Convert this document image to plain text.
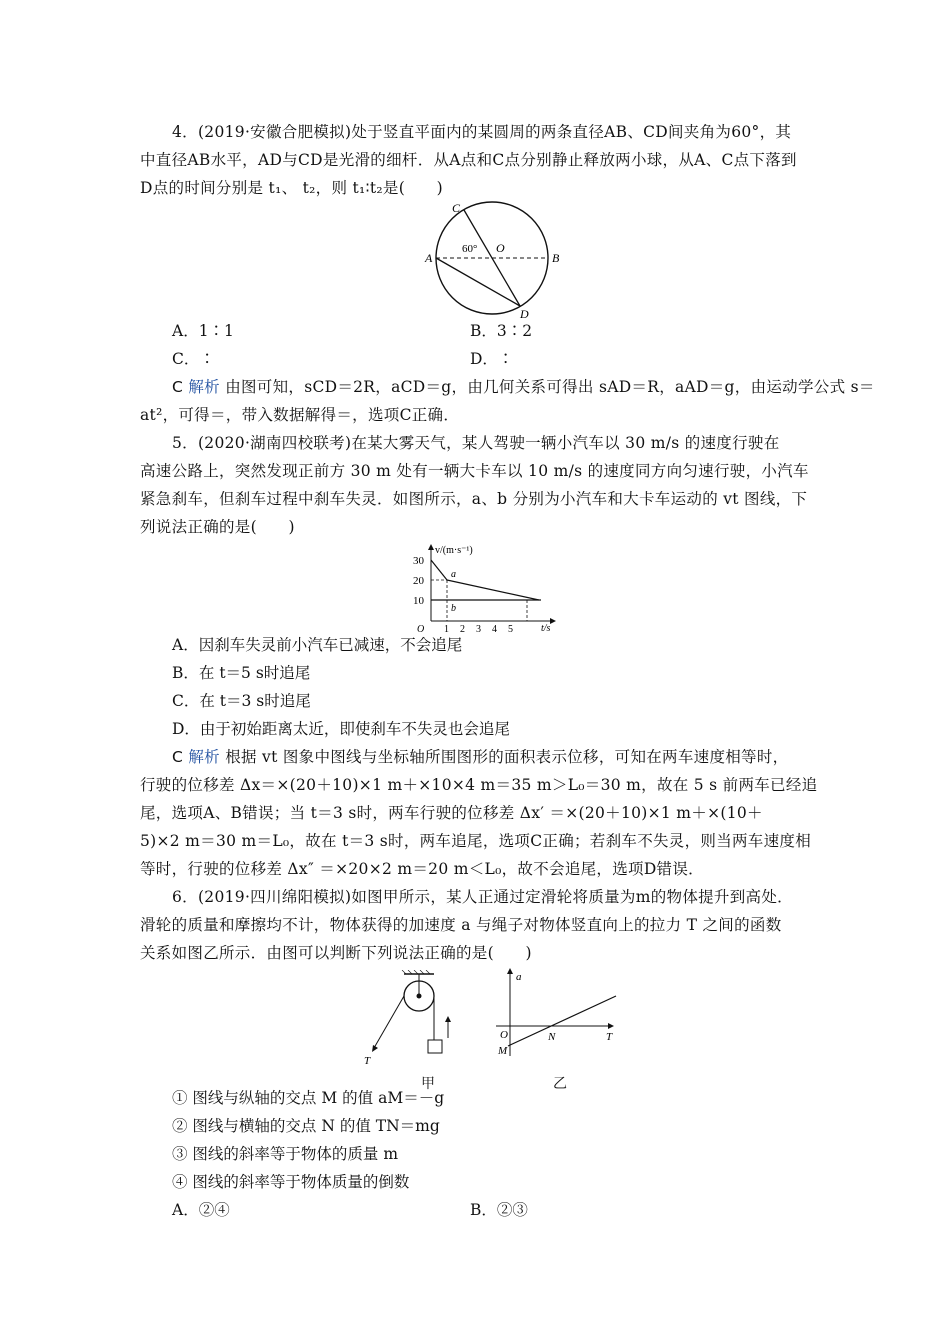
4．(2019·安徽合肥模拟)处于竖直平面内的某圆周的两条直径AB、CD间夹角为60°，其
中直径AB水平，AD与CD是光滑的细杆．从A点和C点分别静止释放两小球，从A、C点下落到
D点的时间分别是 t₁、 t₂，则 t₁∶t₂是(　　)
C
A	B
D
O
60°
A．1∶1	B．3∶2
C．∶	D．∶
C 解析 由图可知，sCD＝2R，aCD＝g，由几何关系可得出 sAD＝R，aAD＝g，由运动学公式 s＝
at²，可得＝，带入数据解得＝，选项C正确．
5．(2020·湖南四校联考)在某大雾天气，某人驾驶一辆小汽车以 30 m/s 的速度行驶在
高速公路上，突然发现正前方 30 m 处有一辆大卡车以 10 m/s 的速度同方向匀速行驶，小汽车
紧急刹车，但刹车过程中刹车失灵．如图所示，a、b 分别为小汽车和大卡车运动的 vt 图线，下
列说法正确的是(　　)
v/(m·s⁻¹)
t/s
O
30
20
10
1 2 3 4 5
a
b
A．因刹车失灵前小汽车已减速，不会追尾
B．在 t＝5 s时追尾
C．在 t＝3 s时追尾
D．由于初始距离太近，即使刹车不失灵也会追尾
C 解析 根据 vt 图象中图线与坐标轴所围图形的面积表示位移，可知在两车速度相等时，
行驶的位移差 Δx＝×(20＋10)×1 m＋×10×4 m＝35 m＞L₀＝30 m，故在 5 s 前两车已经追
尾，选项A、B错误；当 t＝3 s时，两车行驶的位移差 Δx′ ＝×(20＋10)×1 m＋×(10＋
5)×2 m＝30 m＝L₀，故在 t＝3 s时，两车追尾，选项C正确；若刹车不失灵，则当两车速度相
等时，行驶的位移差 Δx″ ＝×20×2 m＝20 m＜L₀，故不会追尾，选项D错误．
6．(2019·四川绵阳模拟)如图甲所示，某人正通过定滑轮将质量为m的物体提升到高处．
滑轮的质量和摩擦均不计，物体获得的加速度 a 与绳子对物体竖直向上的拉力 T 之间的函数
关系如图乙所示．由图可以判断下列说法正确的是(　　)
T
甲
a
O	N	T
M
乙
① 图线与纵轴的交点 M 的值 aM＝－g
② 图线与横轴的交点 N 的值 TN＝mg
③ 图线的斜率等于物体的质量 m
④ 图线的斜率等于物体质量的倒数
A．②④	B．②③
